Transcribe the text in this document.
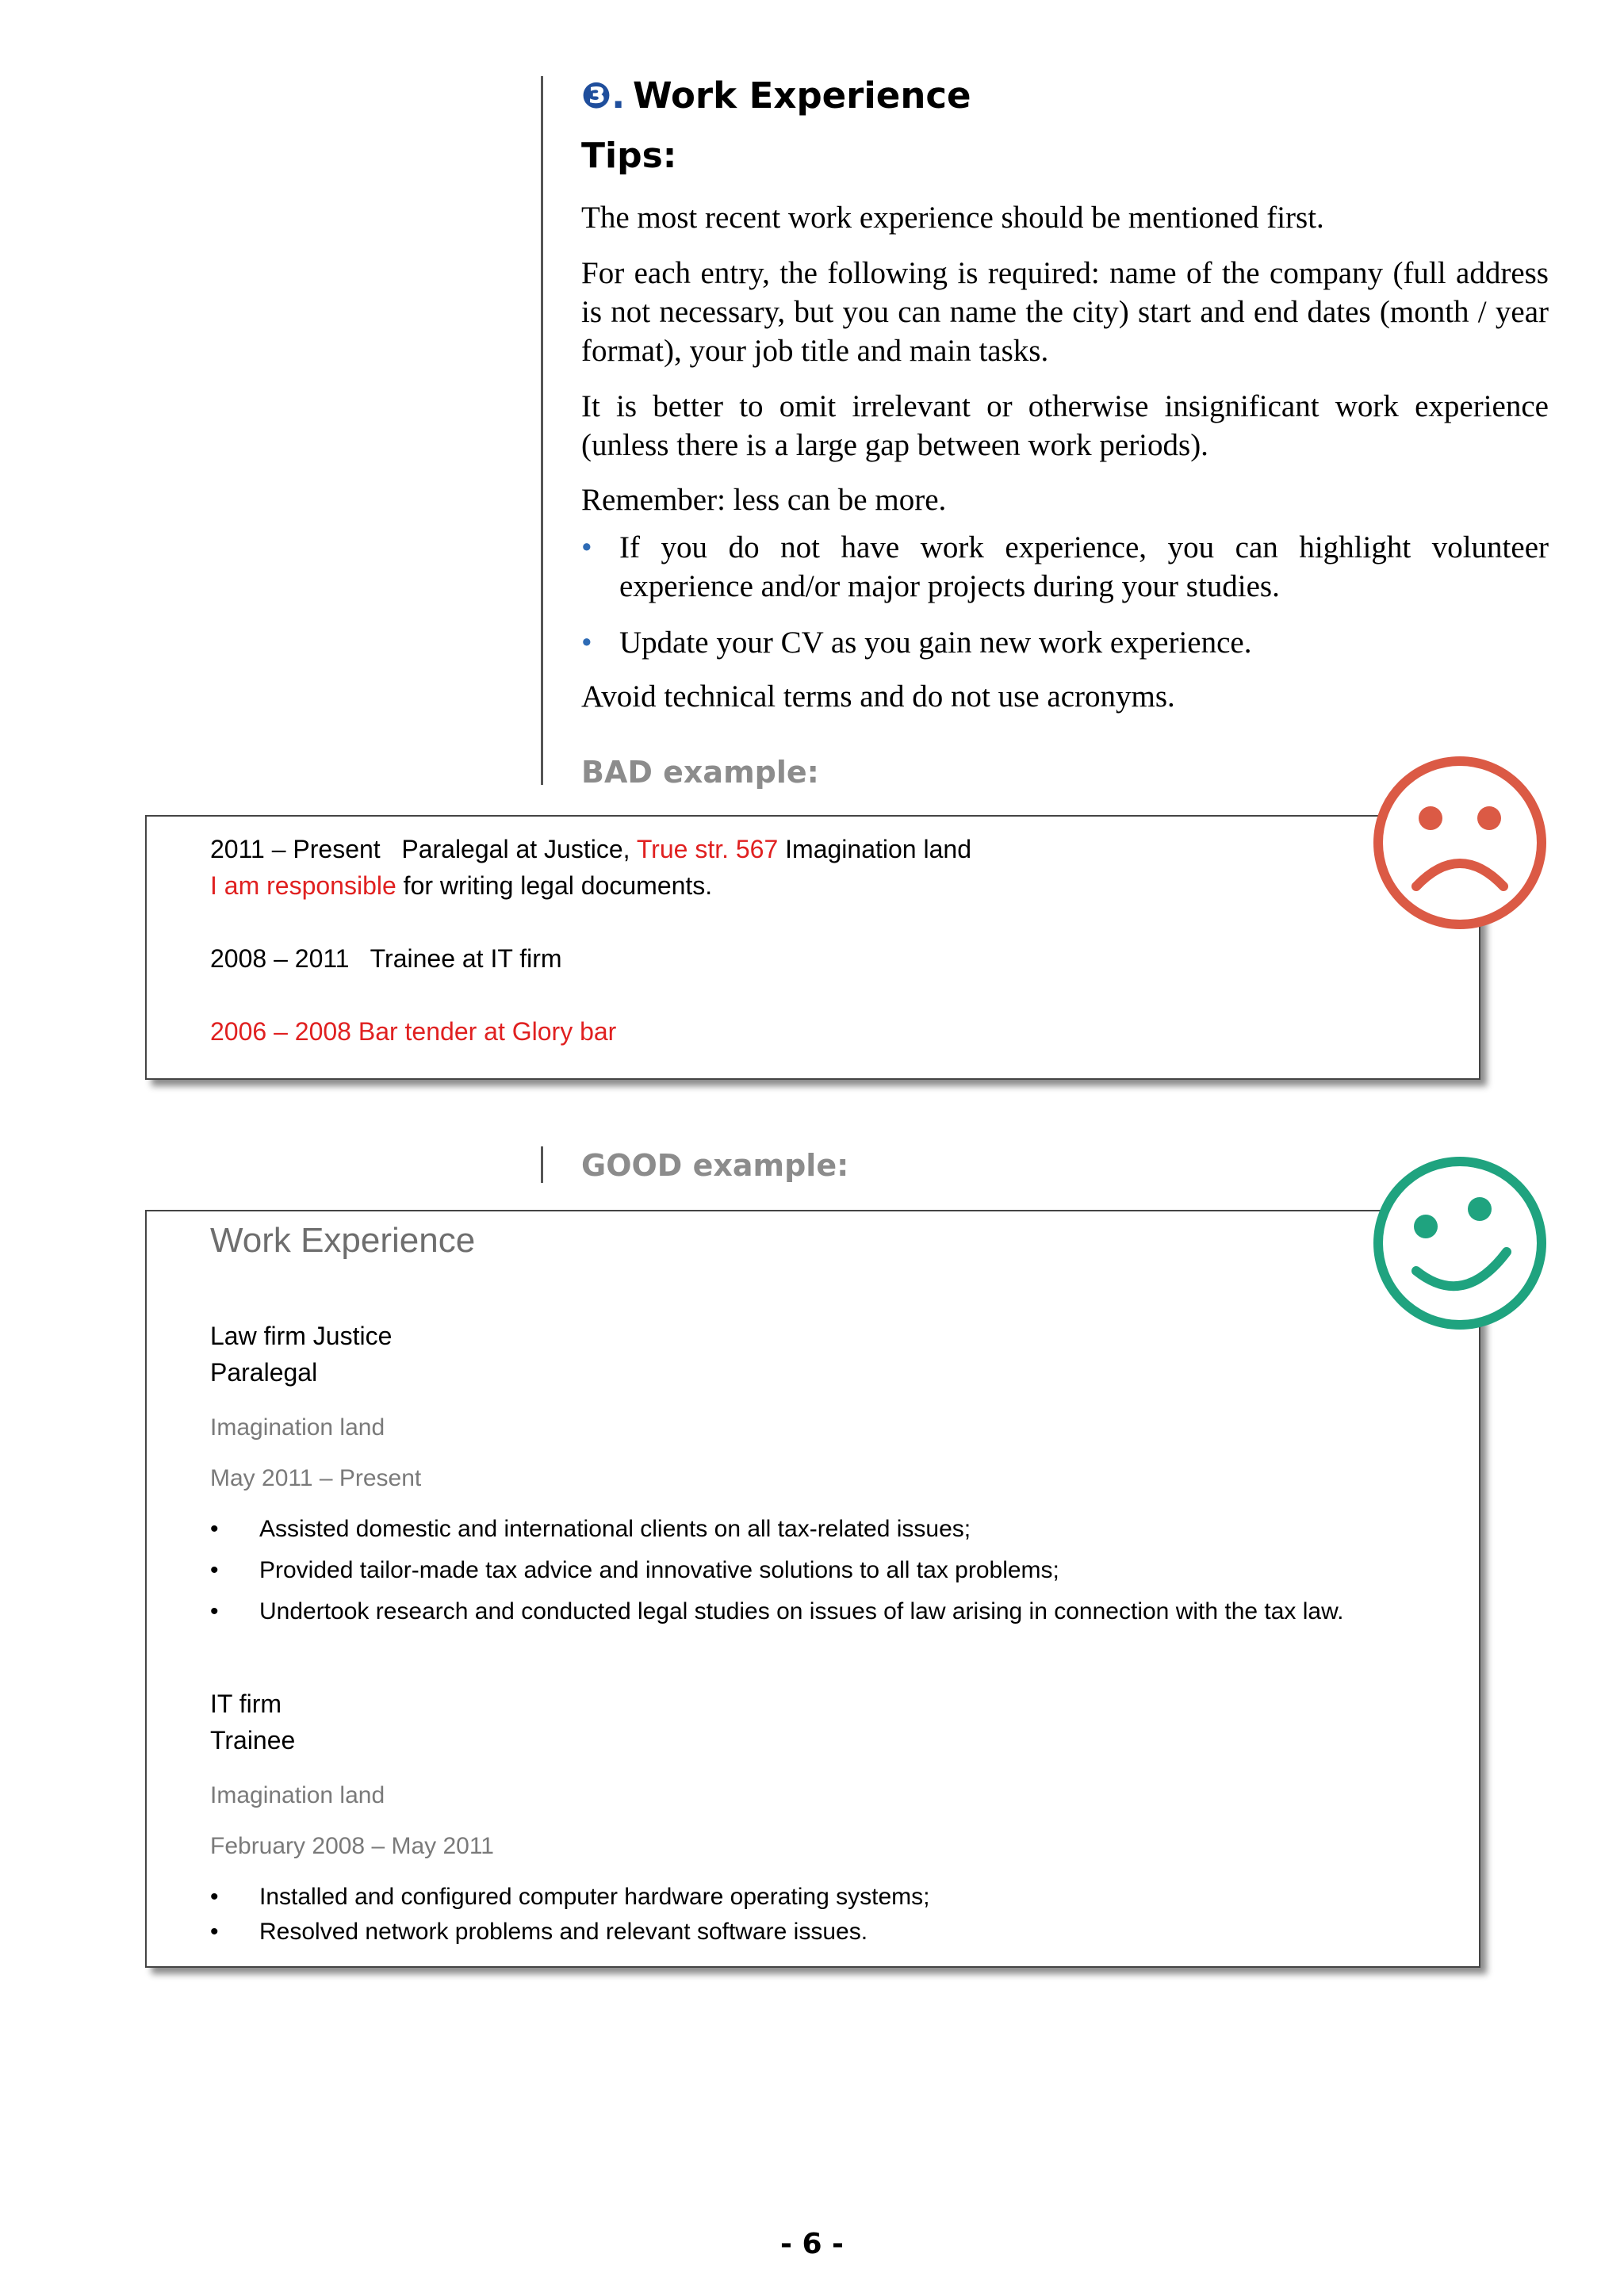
❸. Work Experience
Tips:

The most recent work experience should be mentioned first.

For each entry, the following is required: name of the company (full address is not necessary, but you can name the city) start and end dates (month / year format), your job title and main tasks.

It is better to omit irrelevant or otherwise insignificant work experience (unless there is a large gap between work periods).

Remember: less can be more.

• If you do not have work experience, you can highlight volunteer experience and/or major projects during your studies.
• Update your CV as you gain new work experience.

Avoid technical terms and do not use acronyms.

BAD example:
2011 – Present   Paralegal at Justice, True str. 567 Imagination land
I am responsible for writing legal documents.
2008 – 2011   Trainee at IT firm
2006 – 2008 Bar tender at Glory bar
GOOD example:
Work Experience
Law firm Justice
Paralegal
Imagination land
May 2011 – Present
• Assisted domestic and international clients on all tax-related issues;
• Provided tailor-made tax advice and innovative solutions to all tax problems;
• Undertook research and conducted legal studies on issues of law arising in connection with the tax law.
IT firm
Trainee
Imagination land
February 2008 – May 2011
• Installed and configured computer hardware operating systems;
• Resolved network problems and relevant software issues.
- 6 -
